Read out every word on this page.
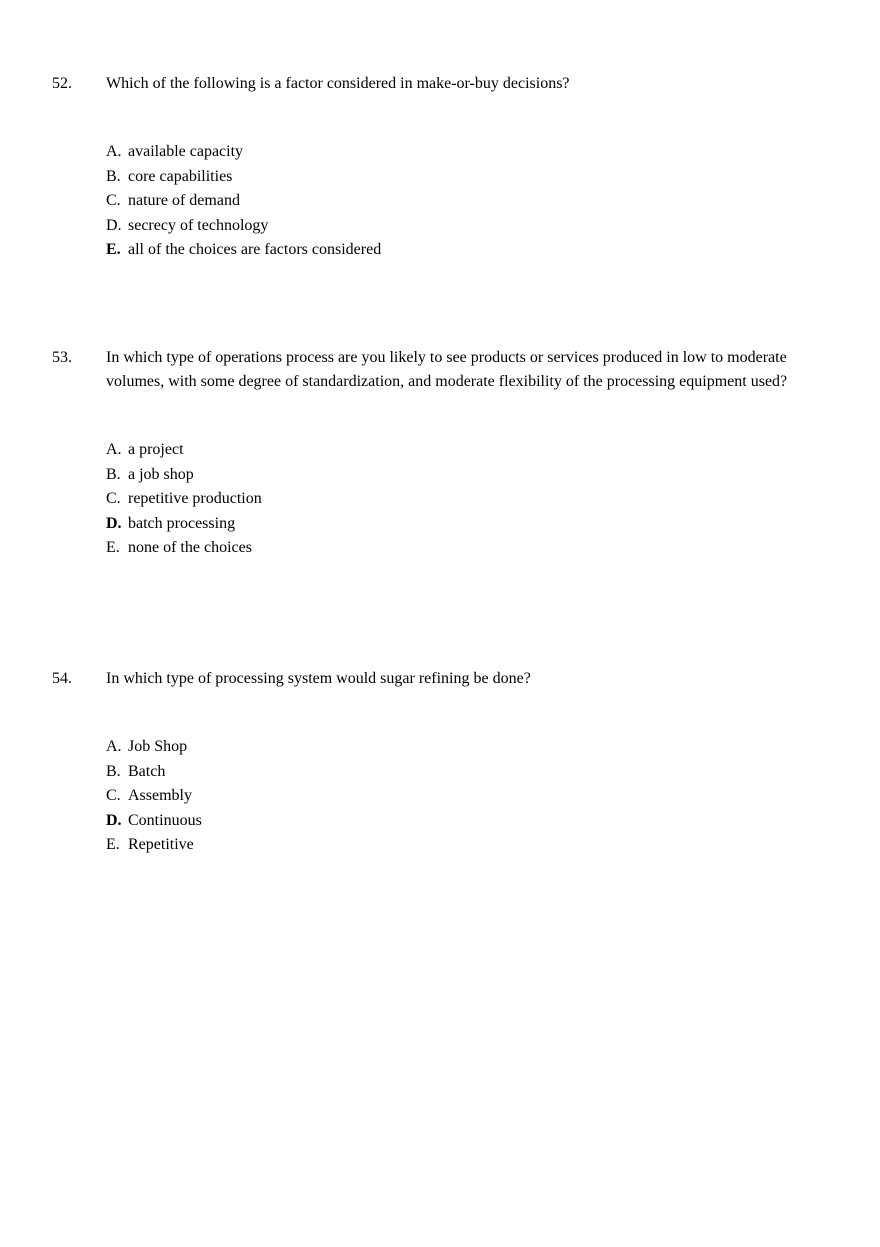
52.	Which of the following is a factor considered in make-or-buy decisions?
A. available capacity
B. core capabilities
C. nature of demand
D. secrecy of technology
E. all of the choices are factors considered
53.	In which type of operations process are you likely to see products or services produced in low to moderate volumes, with some degree of standardization, and moderate flexibility of the processing equipment used?
A. a project
B. a job shop
C. repetitive production
D. batch processing
E. none of the choices
54.	In which type of processing system would sugar refining be done?
A. Job Shop
B. Batch
C. Assembly
D. Continuous
E. Repetitive
